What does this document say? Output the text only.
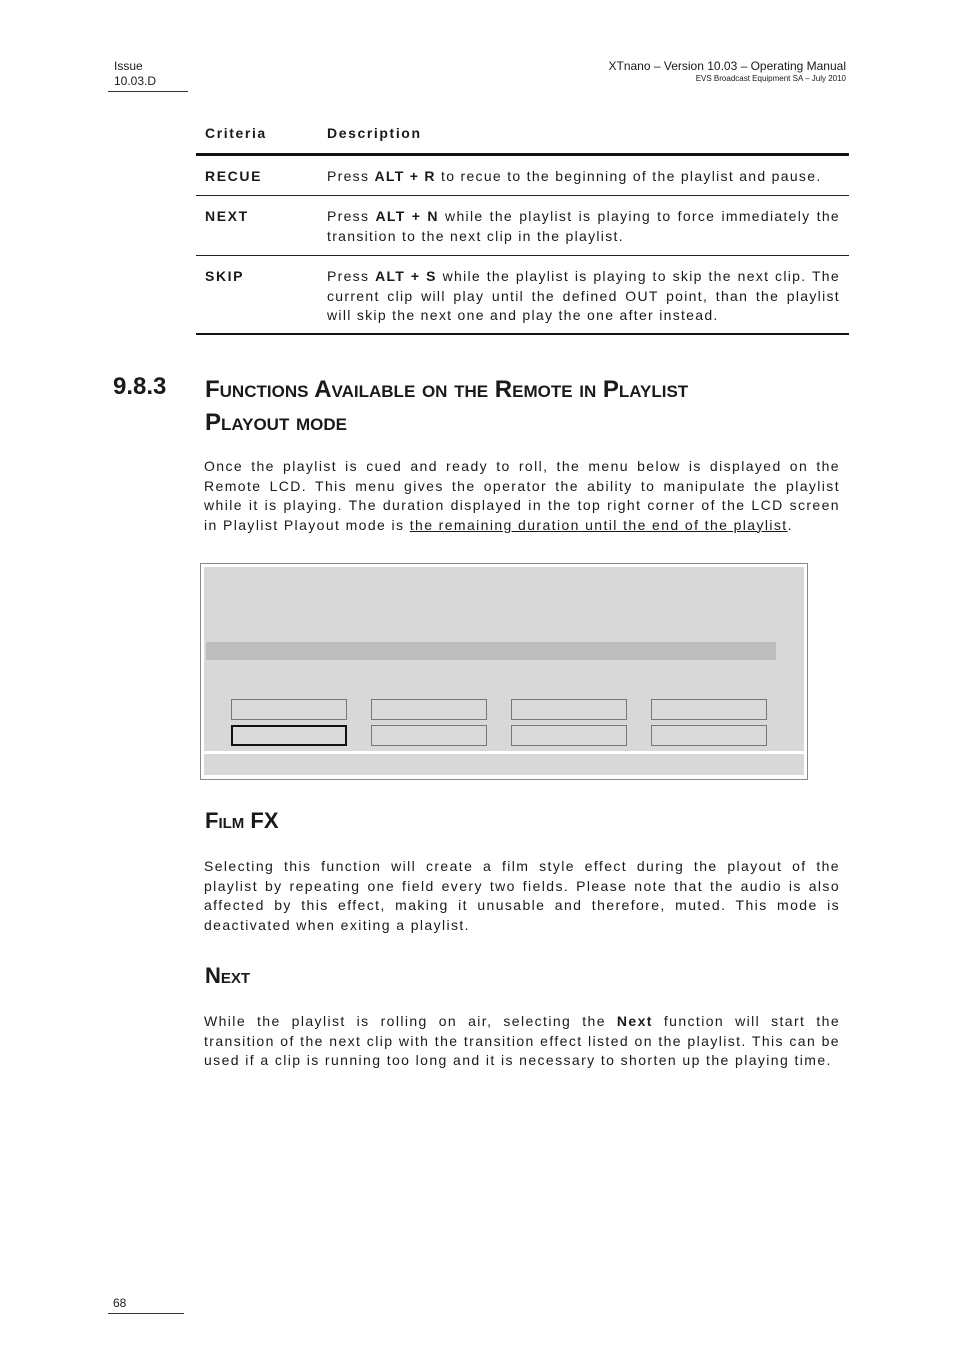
Issue
10.03.D
XTnano – Version 10.03 – Operating Manual
EVS Broadcast Equipment SA – July 2010
Criteria	Description
RECUE	Press ALT + R to recue to the beginning of the playlist and pause.
NEXT	Press ALT + N while the playlist is playing to force immediately the transition to the next clip in the playlist.
SKIP	Press ALT + S while the playlist is playing to skip the next clip. The current clip will play until the defined OUT point, than the playlist will skip the next one and play the one after instead.
9.8.3 Functions Available on the Remote in Playlist
Playout mode
Once the playlist is cued and ready to roll, the menu below is displayed on the Remote LCD. This menu gives the operator the ability to manipulate the playlist while it is playing. The duration displayed in the top right corner of the LCD screen in Playlist Playout mode is the remaining duration until the end of the playlist.
Film FX
Selecting this function will create a film style effect during the playout of the playlist by repeating one field every two fields. Please note that the audio is also affected by this effect, making it unusable and therefore, muted. This mode is deactivated when exiting a playlist.
Next
While the playlist is rolling on air, selecting the Next function will start the transition of the next clip with the transition effect listed on the playlist. This can be used if a clip is running too long and it is necessary to shorten up the playing time.
68
